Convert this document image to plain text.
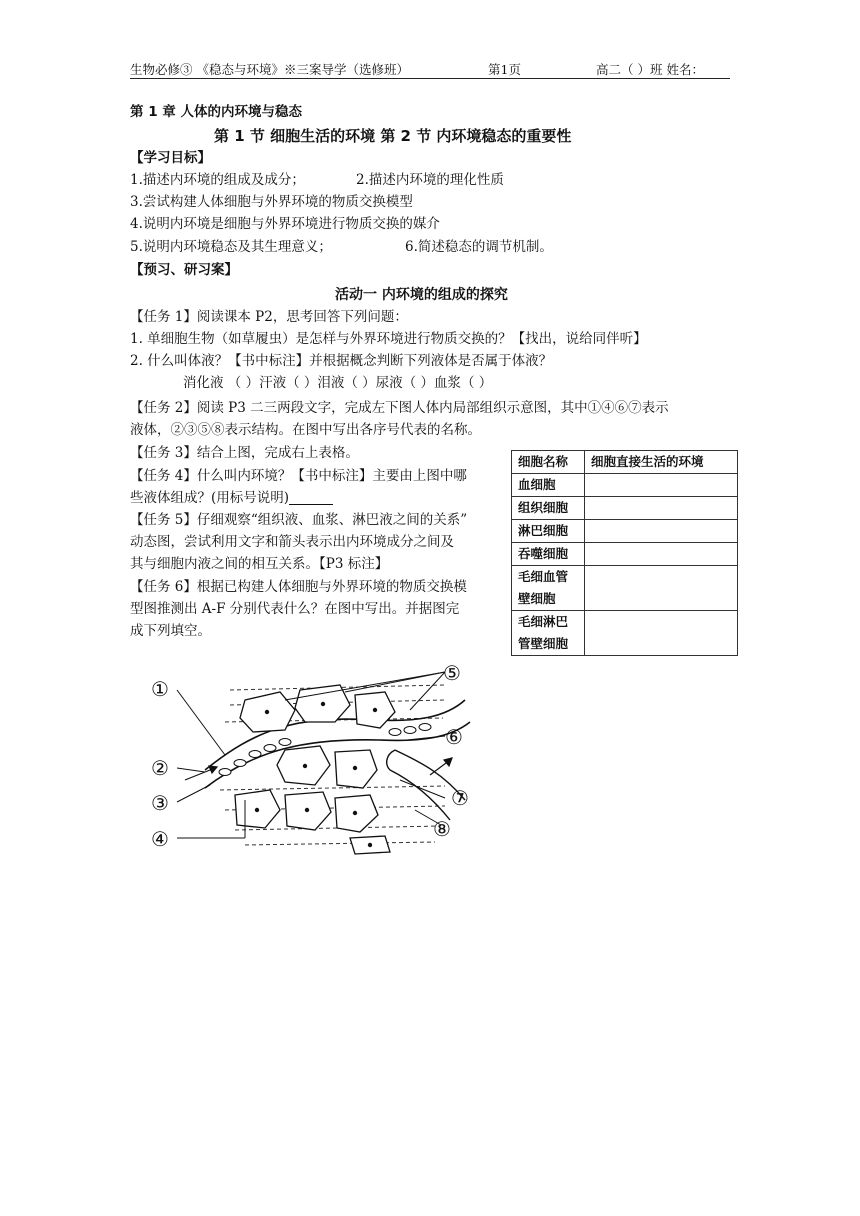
生物必修③ 《稳态与环境》※三案导学（选修班）	第1页	高二（ ）班 姓名：
第 1 章 人体的内环境与稳态
第 1 节 细胞生活的环境 第 2 节 内环境稳态的重要性
【学习目标】
1.描述内环境的组成及成分；	2.描述内环境的理化性质
3.尝试构建人体细胞与外界环境的物质交换模型
4.说明内环境是细胞与外界环境进行物质交换的媒介
5.说明内环境稳态及其生理意义；	6.简述稳态的调节机制。
【预习、研习案】
活动一 内环境的组成的探究
【任务 1】阅读课本 P2，思考回答下列问题：
1. 单细胞生物（如草履虫）是怎样与外界环境进行物质交换的？【找出，说给同伴听】
2. 什么叫体液？【书中标注】并根据概念判断下列液体是否属于体液？
消化液 （ ）汗液（ ）泪液（ ）尿液（ ）血浆（ ）
【任务 2】阅读 P3 二三两段文字，完成左下图人体内局部组织示意图，其中①④⑥⑦表示
液体，②③⑤⑧表示结构。在图中写出各序号代表的名称。
【任务 3】结合上图，完成右上表格。
【任务 4】什么叫内环境？【书中标注】主要由上图中哪
些液体组成？(用标号说明)
【任务 5】仔细观察“组织液、血浆、淋巴液之间的关系”
动态图，尝试利用文字和箭头表示出内环境成分之间及
其与细胞内液之间的相互关系。【P3 标注】
【任务 6】根据已构建人体细胞与外界环境的物质交换模
型图推测出 A-F 分别代表什么？在图中写出。并据图完
成下列填空。
细胞名称	细胞直接生活的环境
血细胞	
组织细胞	
淋巴细胞	
吞噬细胞	
毛细血管壁细胞	
毛细淋巴管壁细胞	
①
②
③
④
⑤
⑥
⑦
⑧
